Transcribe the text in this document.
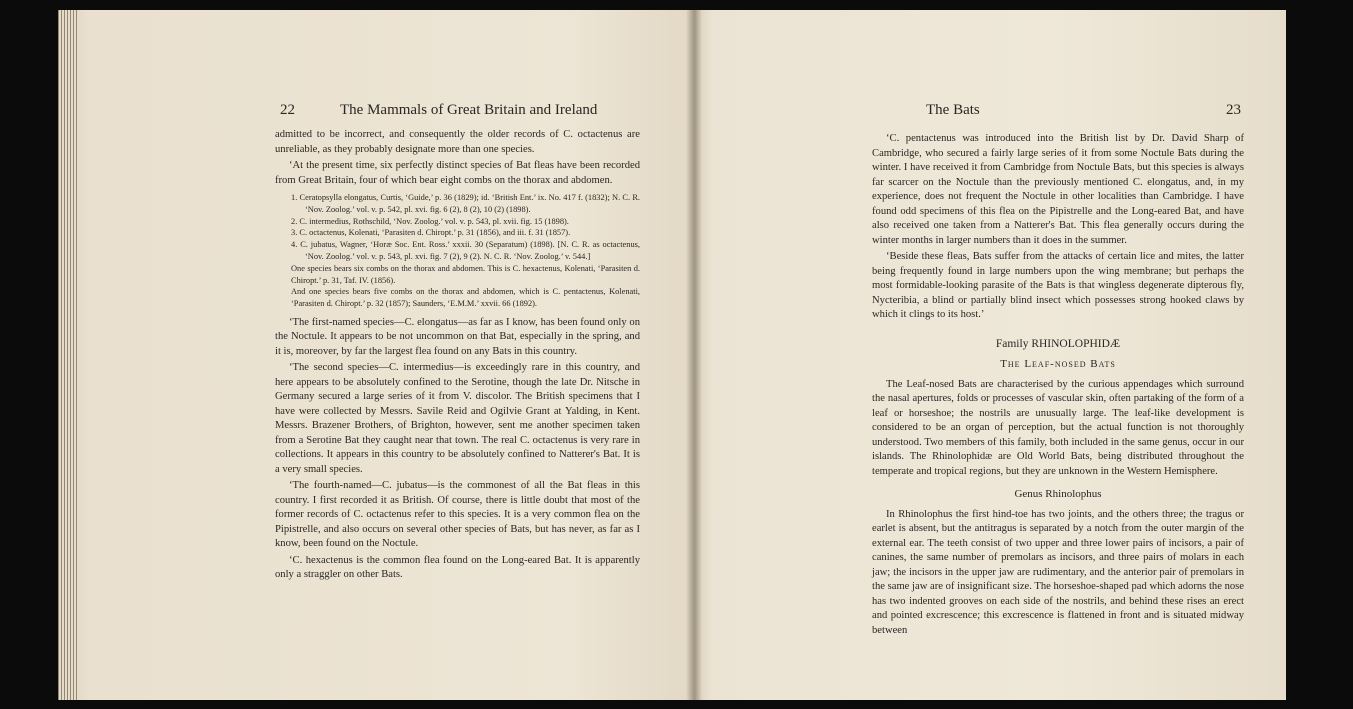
22	The Mammals of Great Britain and Ireland

admitted to be incorrect, and consequently the older records of C. octactenus are unreliable, as they probably designate more than one species.

‘At the present time, six perfectly distinct species of Bat fleas have been recorded from Great Britain, four of which bear eight combs on the thorax and abdomen.

1. Ceratopsylla elongatus, Curtis, ‘Guide,’ p. 36 (1829); id. ‘British Ent.’ ix. No. 417 f. (1832); N. C. R. ‘Nov. Zoolog.’ vol. v. p. 542, pl. xvi. fig. 6 (2), 8 (2), 10 (2) (1898).
2. C. intermedius, Rothschild, ‘Nov. Zoolog.’ vol. v. p. 543, pl. xvii. fig. 15 (1898).
3. C. octactenus, Kolenati, ‘Parasiten d. Chiropt.’ p. 31 (1856), and iii. f. 31 (1857).
4. C. jubatus, Wagner, ‘Horæ Soc. Ent. Ross.’ xxxii. 30 (Separatum) (1898). [N. C. R. as octactenus, ‘Nov. Zoolog.’ vol. v. p. 543, pl. xvi. fig. 7 (2), 9 (2). N. C. R. ‘Nov. Zoolog.’ v. 544.]
One species bears six combs on the thorax and abdomen. This is C. hexactenus, Kolenati, ‘Parasiten d. Chiropt.’ p. 31, Taf. IV. (1856).
And one species bears five combs on the thorax and abdomen, which is C. pentactenus, Kolenati, ‘Parasiten d. Chiropt.’ p. 32 (1857); Saunders, ‘E.M.M.’ xxvii. 66 (1892).

‘The first-named species—C. elongatus—as far as I know, has been found only on the Noctule. It appears to be not uncommon on that Bat, especially in the spring, and it is, moreover, by far the largest flea found on any Bats in this country.

‘The second species—C. intermedius—is exceedingly rare in this country, and here appears to be absolutely confined to the Serotine, though the late Dr. Nitsche in Germany secured a large series of it from V. discolor. The British specimens that I have were collected by Messrs. Savile Reid and Ogilvie Grant at Yalding, in Kent. Messrs. Brazener Brothers, of Brighton, however, sent me another specimen taken from a Serotine Bat they caught near that town. The real C. octactenus is very rare in collections. It appears in this country to be absolutely confined to Natterer's Bat. It is a very small species.

‘The fourth-named—C. jubatus—is the commonest of all the Bat fleas in this country. I first recorded it as British. Of course, there is little doubt that most of the former records of C. octactenus refer to this species. It is a very common flea on the Pipistrelle, and also occurs on several other species of Bats, but has never, as far as I know, been found on the Noctule.

‘C. hexactenus is the common flea found on the Long-eared Bat. It is apparently only a straggler on other Bats.

The Bats	23

‘C. pentactenus was introduced into the British list by Dr. David Sharp of Cambridge, who secured a fairly large series of it from some Noctule Bats during the winter. I have received it from Cambridge from Noctule Bats, but this species is always far scarcer on the Noctule than the previously mentioned C. elongatus, and, in my experience, does not frequent the Noctule in other localities than Cambridge. I have found odd specimens of this flea on the Pipistrelle and the Long-eared Bat, and have also received one taken from a Natterer's Bat. This flea generally occurs during the winter months in larger numbers than it does in the summer.

‘Beside these fleas, Bats suffer from the attacks of certain lice and mites, the latter being frequently found in large numbers upon the wing membrane; but perhaps the most formidable-looking parasite of the Bats is that wingless degenerate dipterous fly, Nycteribia, a blind or partially blind insect which possesses strong hooked claws by which it clings to its host.’

Family RHINOLOPHIDÆ

The Leaf-nosed Bats

The Leaf-nosed Bats are characterised by the curious appendages which surround the nasal apertures, folds or processes of vascular skin, often partaking of the form of a leaf or horseshoe; the nostrils are unusually large. The leaf-like development is considered to be an organ of perception, but the actual function is not thoroughly understood. Two members of this family, both included in the same genus, occur in our islands. The Rhinolophidæ are Old World Bats, being distributed throughout the temperate and tropical regions, but they are unknown in the Western Hemisphere.

Genus Rhinolophus

In Rhinolophus the first hind-toe has two joints, and the others three; the tragus or earlet is absent, but the antitragus is separated by a notch from the outer margin of the external ear. The teeth consist of two upper and three lower pairs of incisors, a pair of canines, the same number of premolars as incisors, and three pairs of molars in each jaw; the incisors in the upper jaw are rudimentary, and the anterior pair of premolars in the same jaw are of insignificant size. The horseshoe-shaped pad which adorns the nose has two indented grooves on each side of the nostrils, and behind these rises an erect and pointed excrescence; this excrescence is flattened in front and is situated midway between
